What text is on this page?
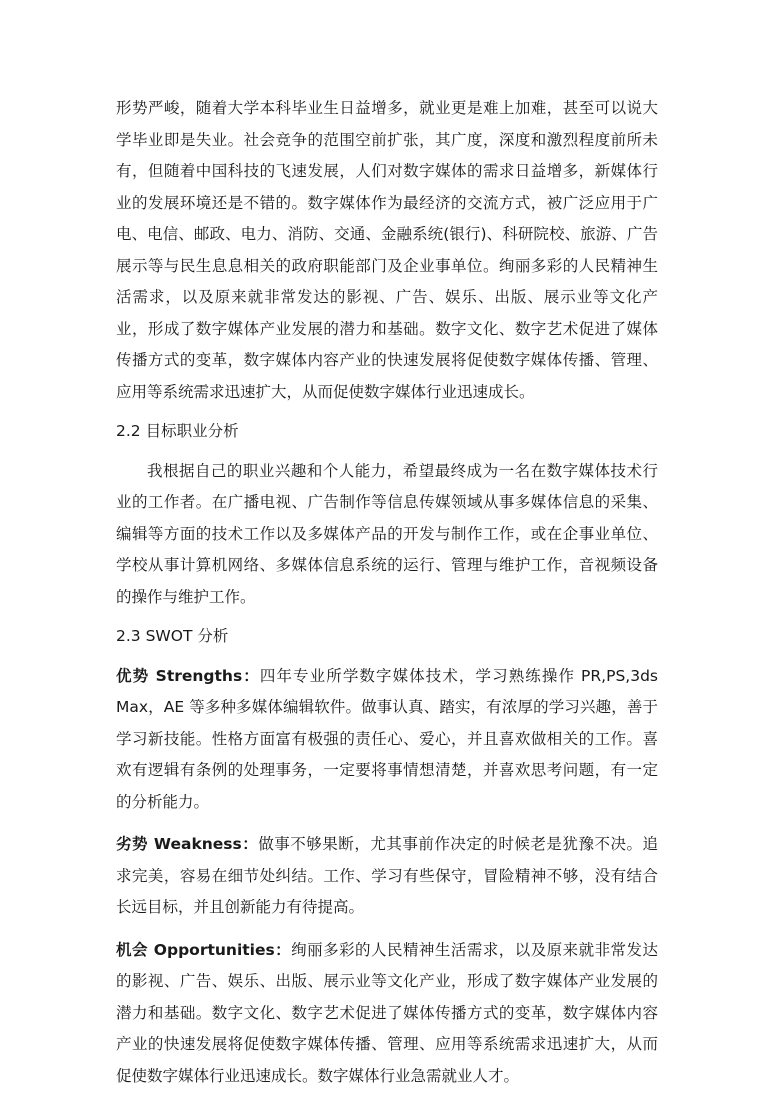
形势严峻，随着大学本科毕业生日益增多，就业更是难上加难，甚至可以说大学毕业即是失业。社会竞争的范围空前扩张，其广度，深度和激烈程度前所未有，但随着中国科技的飞速发展，人们对数字媒体的需求日益增多，新媒体行业的发展环境还是不错的。数字媒体作为最经济的交流方式，被广泛应用于广电、电信、邮政、电力、消防、交通、金融系统(银行)、科研院校、旅游、广告展示等与民生息息相关的政府职能部门及企业事单位。绚丽多彩的人民精神生活需求，以及原来就非常发达的影视、广告、娱乐、出版、展示业等文化产业，形成了数字媒体产业发展的潜力和基础。数字文化、数字艺术促进了媒体传播方式的变革，数字媒体内容产业的快速发展将促使数字媒体传播、管理、应用等系统需求迅速扩大，从而促使数字媒体行业迅速成长。

2.2 目标职业分析

我根据自己的职业兴趣和个人能力，希望最终成为一名在数字媒体技术行业的工作者。在广播电视、广告制作等信息传媒领域从事多媒体信息的采集、编辑等方面的技术工作以及多媒体产品的开发与制作工作，或在企事业单位、学校从事计算机网络、多媒体信息系统的运行、管理与维护工作，音视频设备的操作与维护工作。

2.3 SWOT 分析

优势 Strengths：四年专业所学数字媒体技术，学习熟练操作 PR,PS,3ds Max，AE 等多种多媒体编辑软件。做事认真、踏实，有浓厚的学习兴趣，善于学习新技能。性格方面富有极强的责任心、爱心，并且喜欢做相关的工作。喜欢有逻辑有条例的处理事务，一定要将事情想清楚，并喜欢思考问题，有一定的分析能力。

劣势 Weakness：做事不够果断，尤其事前作决定的时候老是犹豫不决。追求完美，容易在细节处纠结。工作、学习有些保守，冒险精神不够，没有结合长远目标，并且创新能力有待提高。

机会 Opportunities：绚丽多彩的人民精神生活需求，以及原来就非常发达的影视、广告、娱乐、出版、展示业等文化产业，形成了数字媒体产业发展的潜力和基础。数字文化、数字艺术促进了媒体传播方式的变革，数字媒体内容产业的快速发展将促使数字媒体传播、管理、应用等系统需求迅速扩大，从而促使数字媒体行业迅速成长。数字媒体行业急需就业人才。
